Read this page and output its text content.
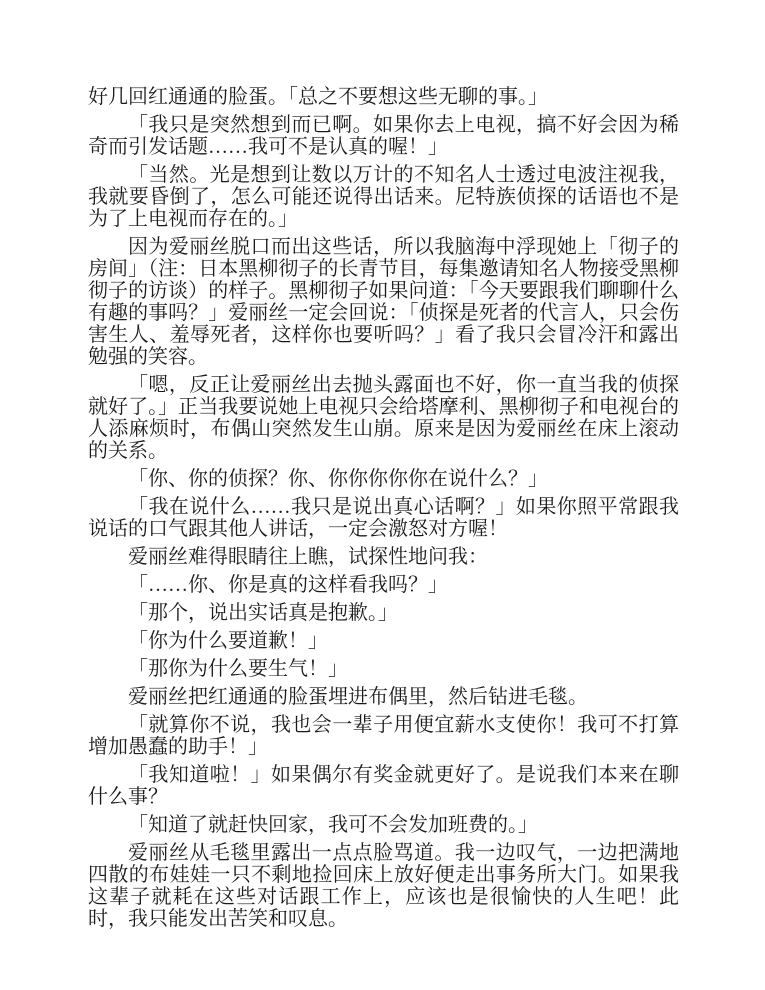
好几回红通通的脸蛋。「总之不要想这些无聊的事。」

「我只是突然想到而已啊。如果你去上电视，搞不好会因为稀奇而引发话题……我可不是认真的喔！」

「当然。光是想到让数以万计的不知名人士透过电波注视我，我就要昏倒了，怎么可能还说得出话来。尼特族侦探的话语也不是为了上电视而存在的。」

因为爱丽丝脱口而出这些话，所以我脑海中浮现她上「彻子的房间」（注：日本黑柳彻子的长青节目，每集邀请知名人物接受黑柳彻子的访谈）的样子。黑柳彻子如果问道：「今天要跟我们聊聊什么有趣的事吗？」爱丽丝一定会回说：「侦探是死者的代言人，只会伤害生人、羞辱死者，这样你也要听吗？」看了我只会冒冷汗和露出勉强的笑容。

「嗯，反正让爱丽丝出去抛头露面也不好，你一直当我的侦探就好了。」正当我要说她上电视只会给塔摩利、黑柳彻子和电视台的人添麻烦时，布偶山突然发生山崩。原来是因为爱丽丝在床上滚动的关系。

「你、你的侦探？你、你你你你你在说什么？」

「我在说什么……我只是说出真心话啊？」如果你照平常跟我说话的口气跟其他人讲话，一定会激怒对方喔！

爱丽丝难得眼睛往上瞧，试探性地问我：

「……你、你是真的这样看我吗？」

「那个，说出实话真是抱歉。」

「你为什么要道歉！」

「那你为什么要生气！」

爱丽丝把红通通的脸蛋埋进布偶里，然后钻进毛毯。

「就算你不说，我也会一辈子用便宜薪水支使你！我可不打算增加愚蠢的助手！」

「我知道啦！」如果偶尔有奖金就更好了。是说我们本来在聊什么事？

「知道了就赶快回家，我可不会发加班费的。」

爱丽丝从毛毯里露出一点点脸骂道。我一边叹气，一边把满地四散的布娃娃一只不剩地捡回床上放好便走出事务所大门。如果我这辈子就耗在这些对话跟工作上，应该也是很愉快的人生吧！此时，我只能发出苦笑和叹息。
